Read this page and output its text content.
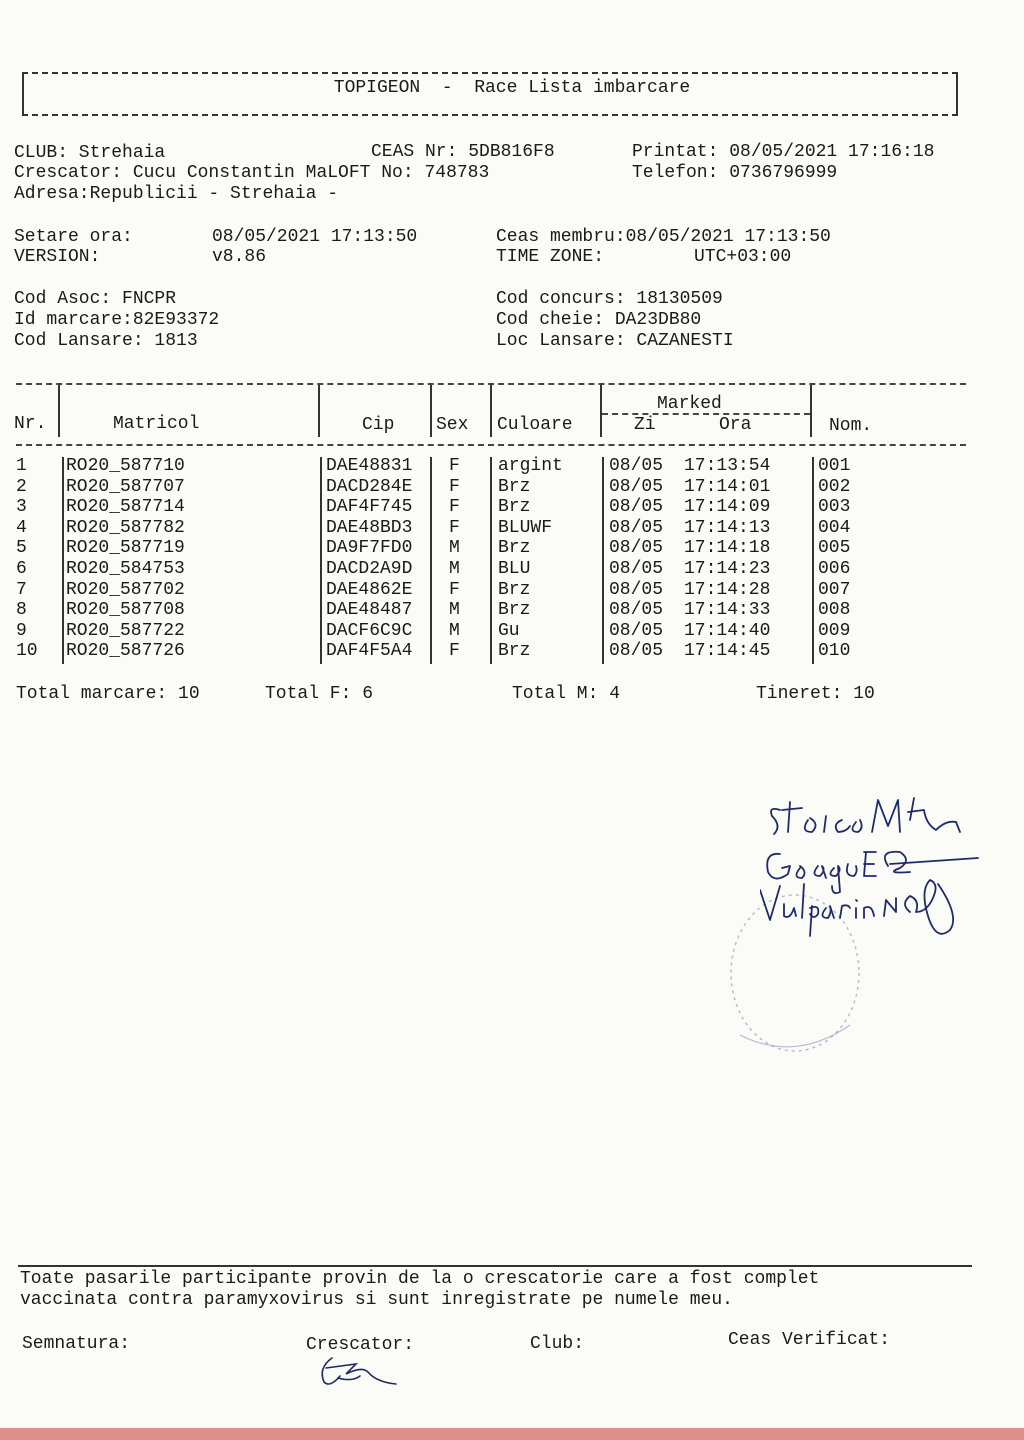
TOPIGEON  -  Race Lista imbarcare
CLUB: Strehaia	CEAS Nr: 5DB816F8	Printat: 08/05/2021 17:16:18
Crescator: Cucu Constantin MaLOFT No: 748783	Telefon: 0736796999
Adresa:Republicii - Strehaia -
Setare ora:	08/05/2021 17:13:50	Ceas membru:08/05/2021 17:13:50
VERSION:	v8.86	TIME ZONE:	UTC+03:00
Cod Asoc: FNCPR	Cod concurs: 18130509
Id marcare:82E93372	Cod cheie: DA23DB80
Cod Lansare: 1813	Loc Lansare: CAZANESTI
Nr.	Matricol	Cip Sex Culoare
Marked
Zi	Ora	Nom.
1 RO20_587710	DAE48831 F argint	08/05 17:13:54	001
2 RO20_587707	DACD284E F Brz	08/05 17:14:01	002
3 RO20_587714	DAF4F745 F Brz	08/05 17:14:09	003
4 RO20_587782	DAE48BD3 F BLUWF	08/05 17:14:13	004
5 RO20_587719	DA9F7FD0 M Brz	08/05 17:14:18	005
6 RO20_584753	DACD2A9D M BLU	08/05 17:14:23	006
7 RO20_587702	DAE4862E F Brz	08/05 17:14:28	007
8 RO20_587708	DAE48487 M Brz	08/05 17:14:33	008
9 RO20_587722	DACF6C9C M Gu	08/05 17:14:40	009
10 RO20_587726	DAF4F5A4 F Brz	08/05 17:14:45	010
Total marcare: 10	Total F: 6	Total M: 4	Tineret: 10
Toate pasarile participante provin de la o crescatorie care a fost complet
vaccinata contra paramyxovirus si sunt inregistrate pe numele meu.
Semnatura:	Crescator:	Club:	Ceas Verificat:
